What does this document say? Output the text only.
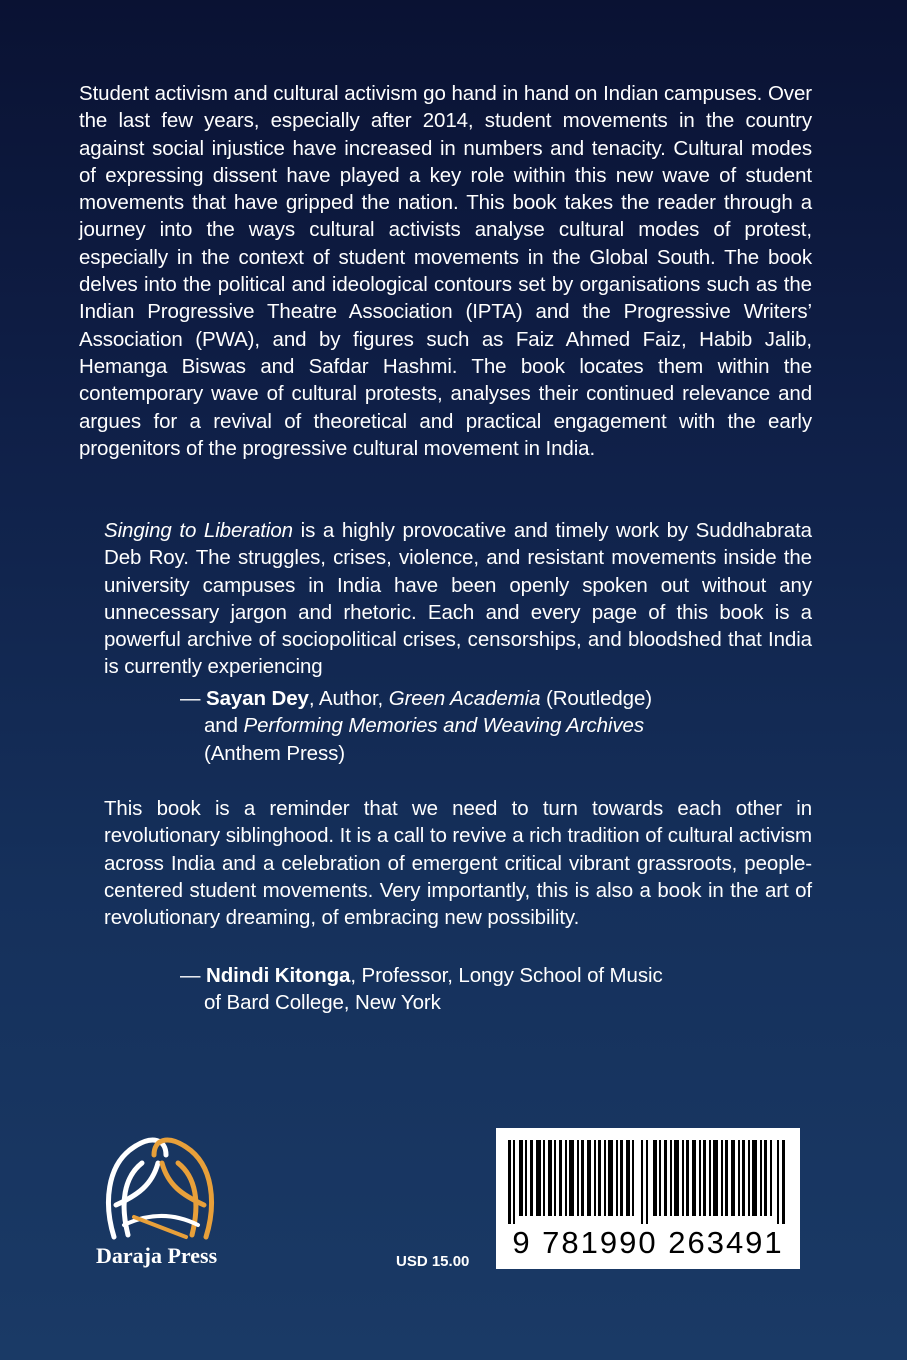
Student activism and cultural activism go hand in hand on Indian campuses. Over the last few years, especially after 2014, student movements in the country against social injustice have increased in numbers and tenacity. Cultural modes of expressing dissent have played a key role within this new wave of student movements that have gripped the nation. This book takes the reader through a journey into the ways cultural activists analyse cultural modes of protest, especially in the context of student movements in the Global South. The book delves into the political and ideological contours set by organisations such as the Indian Progressive Theatre Association (IPTA) and the Progressive Writers’ Association (PWA), and by figures such as Faiz Ahmed Faiz, Habib Jalib, Hemanga Biswas and Safdar Hashmi. The book locates them within the contemporary wave of cultural protests, analyses their continued relevance and argues for a revival of theoretical and practical engagement with the early progenitors of the progressive cultural movement in India.

Singing to Liberation is a highly provocative and timely work by Suddhabrata Deb Roy. The struggles, crises, violence, and resistant movements inside the university campuses in India have been openly spoken out without any unnecessary jargon and rhetoric. Each and every page of this book is a powerful archive of sociopolitical crises, censorships, and bloodshed that India is currently experiencing

— Sayan Dey, Author, Green Academia (Routledge)
and Performing Memories and Weaving Archives
(Anthem Press)

This book is a reminder that we need to turn towards each other in revolutionary siblinghood. It is a call to revive a rich tradition of cultural activism across India and a celebration of emergent critical vibrant grassroots, people-centered student movements. Very importantly, this is also a book in the art of revolutionary dreaming, of embracing new possibility.

— Ndindi Kitonga, Professor, Longy School of Music
of Bard College, New York
Daraja Press	USD 15.00
9 781990 263491
